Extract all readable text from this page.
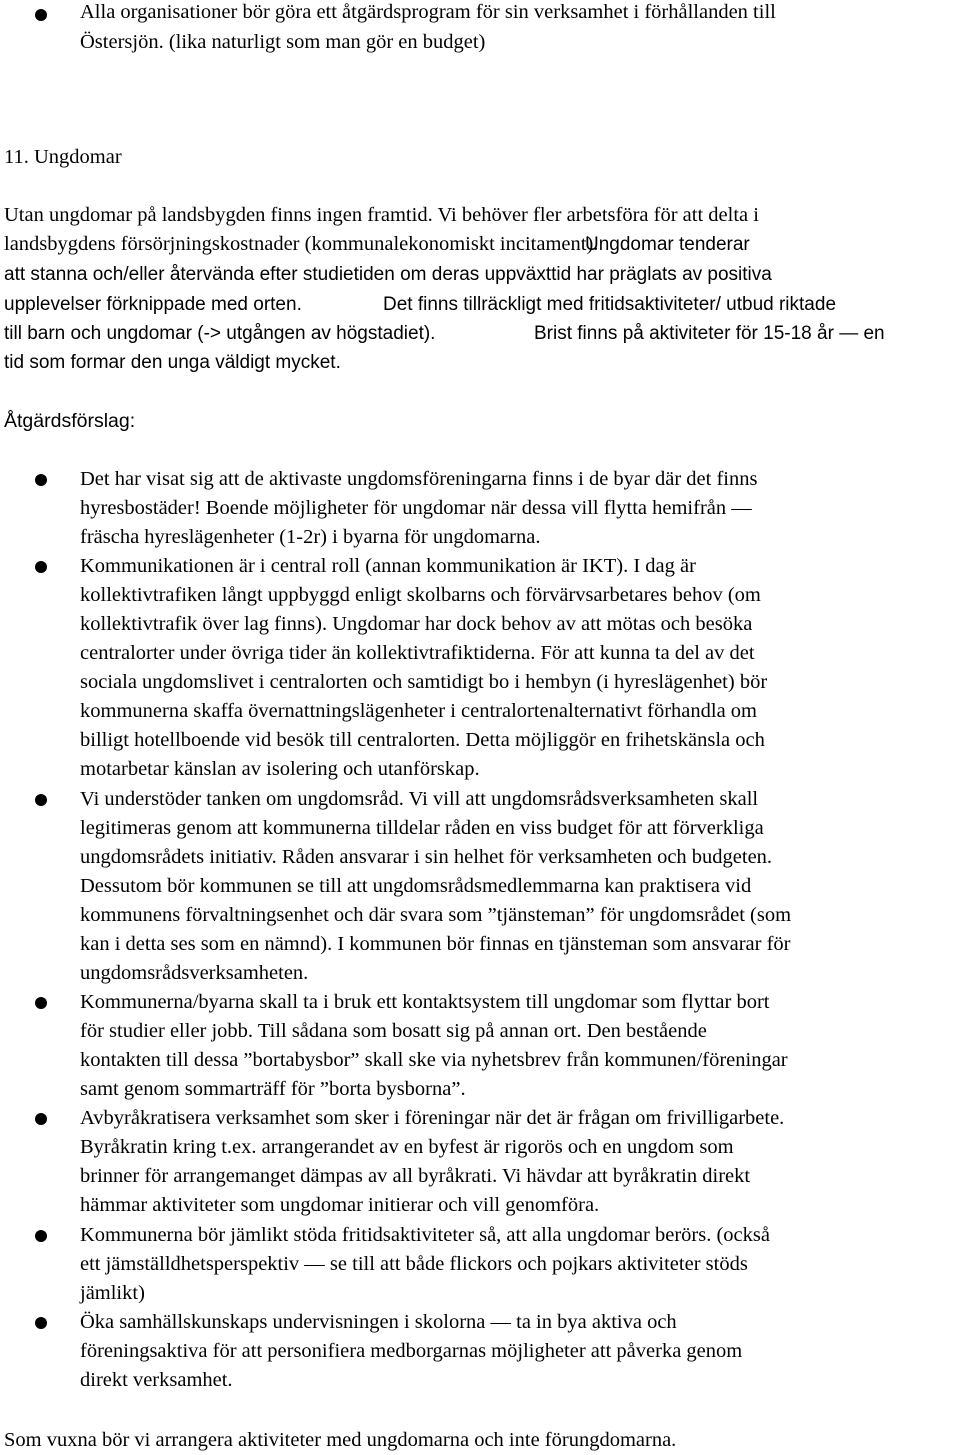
Alla organisationer bör göra ett åtgärdsprogram för sin verksamhet i förhållanden till
Östersjön. (lika naturligt som man gör en budget)
11. Ungdomar
Utan ungdomar på landsbygden finns ingen framtid. Vi behöver fler arbetsföra för att delta i
landsbygdens försörjningskostnader (kommunalekonomiskt incitament).
Ungdomar tenderar
att stanna och/eller återvända efter studietiden om deras uppväxttid har präglats av positiva
upplevelser förknippade med orten.	Det finns tillräckligt med fritidsaktiviteter/ utbud riktade
till barn och ungdomar (-> utgången av högstadiet).	Brist finns på aktiviteter för 15-18 år — en
tid som formar den unga väldigt mycket.
Åtgärdsförslag:
Det har visat sig att de aktivaste ungdomsföreningarna finns i de byar där det finns
hyresbostäder! Boende möjligheter för ungdomar när dessa vill flytta hemifrån —
fräscha hyreslägenheter (1-2r) i byarna för ungdomarna.
Kommunikationen är i central roll (annan kommunikation är IKT). I dag är
kollektivtrafiken långt uppbyggd enligt skolbarns och förvärvsarbetares behov (om
kollektivtrafik över lag finns). Ungdomar har dock behov av att mötas och besöka
centralorter under övriga tider än kollektivtrafiktiderna. För att kunna ta del av det
sociala ungdomslivet i centralorten och samtidigt bo i hembyn (i hyreslägenhet) bör
kommunerna skaffa övernattningslägenheter i centralortenalternativt förhandla om
billigt hotellboende vid besök till centralorten. Detta möjliggör en frihetskänsla och
motarbetar känslan av isolering och utanförskap.
Vi understöder tanken om ungdomsråd. Vi vill att ungdomsrådsverksamheten skall
legitimeras genom att kommunerna tilldelar råden en viss budget för att förverkliga
ungdomsrådets initiativ. Råden ansvarar i sin helhet för verksamheten och budgeten.
Dessutom bör kommunen se till att ungdomsrådsmedlemmarna kan praktisera vid
kommunens förvaltningsenhet och där svara som ”tjänsteman” för ungdomsrådet (som
kan i detta ses som en nämnd). I kommunen bör finnas en tjänsteman som ansvarar för
ungdomsrådsverksamheten.
Kommunerna/byarna skall ta i bruk ett kontaktsystem till ungdomar som flyttar bort
för studier eller jobb. Till sådana som bosatt sig på annan ort. Den bestående
kontakten till dessa ”bortabysbor” skall ske via nyhetsbrev från kommunen/föreningar
samt genom sommarträff för ”borta bysborna”.
Avbyråkratisera verksamhet som sker i föreningar när det är frågan om frivilligarbete.
Byråkratin kring t.ex. arrangerandet av en byfest är rigorös och en ungdom som
brinner för arrangemanget dämpas av all byråkrati. Vi hävdar att byråkratin direkt
hämmar aktiviteter som ungdomar initierar och vill genomföra.
Kommunerna bör jämlikt stöda fritidsaktiviteter så, att alla ungdomar berörs. (också
ett jämställdhetsperspektiv — se till att både flickors och pojkars aktiviteter stöds
jämlikt)
Öka samhällskunskaps undervisningen i skolorna — ta in bya aktiva och
föreningsaktiva för att personifiera medborgarnas möjligheter att påverka genom
direkt verksamhet.
Som vuxna bör vi arrangera aktiviteter med ungdomarna och inte förungdomarna.
